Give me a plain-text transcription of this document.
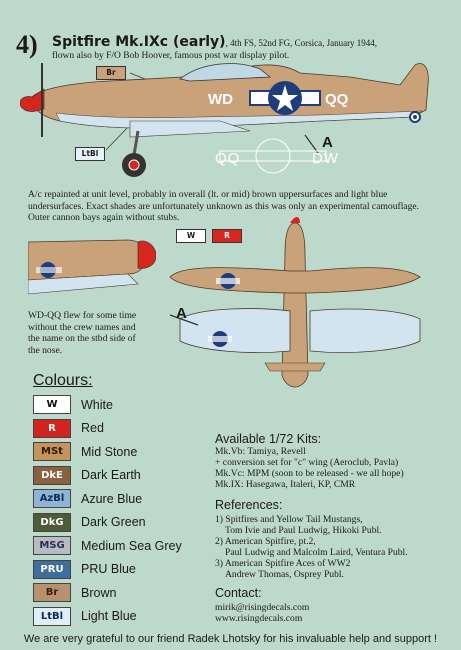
4) Spitfire Mk.IXc (early), 4th FS, 52nd FG, Corsica, January 1944,
flown also by F/O Bob Hoover, famous post war display pilot.
Br
LtBl
WD	QQ
A
QQ	DW
A/c repainted at unit level, probably in overall (lt. or mid) brown uppersurfaces and light blue undersurfaces. Exact shades are unfortunately unknown as this was only an experimental camouflage. Outer cannon bays again without stubs.
WD-QQ flew for some time without the crew names and the name on the stbd side of the nose.
W	R
A
Colours:
W	White
R	Red
MSt	Mid Stone
DkE	Dark Earth
AzBl	Azure Blue
DkG	Dark Green
MSG	Medium Sea Grey
PRU	PRU Blue
Br	Brown
LtBl	Light Blue
Available 1/72 Kits:
Mk.Vb: Tamiya, Revell
+ conversion set for "c" wing (Aeroclub, Pavla)
Mk.Vc: MPM (soon to be released - we all hope)
Mk.IX: Hasegawa, Italeri, KP, CMR
References:
1) Spitfires and Yellow Tail Mustangs,
Tom Ivie and Paul Ludwig, Hikoki Publ.
2) American Spitfire, pt.2,
Paul Ludwig and Malcolm Laird, Ventura Publ.
3) American Spitfire Aces of WW2
Andrew Thomas, Osprey Publ.
Contact:
mirik@risingdecals.com
www.risingdecals.com
We are very grateful to our friend Radek Lhotsky for his invaluable help and support !
